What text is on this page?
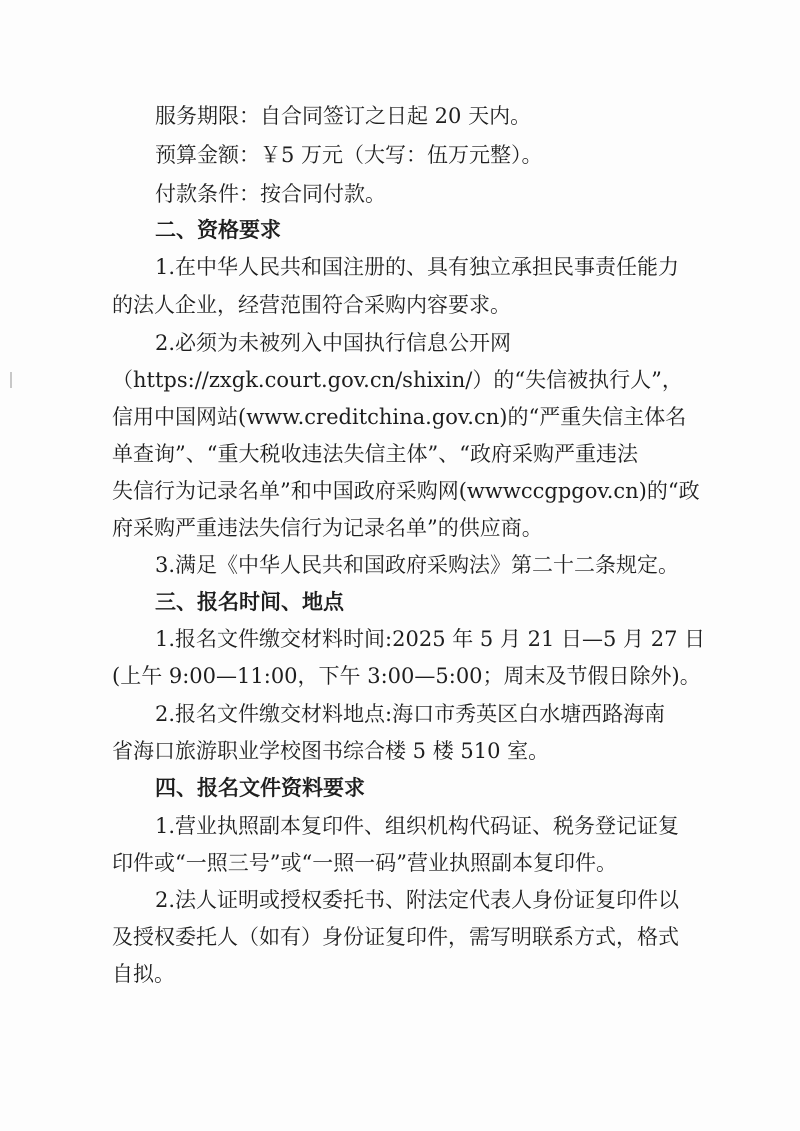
服务期限：自合同签订之日起 20 天内。
预算金额：￥5 万元（大写：伍万元整）。
付款条件：按合同付款。
二、资格要求
1.在中华人民共和国注册的、具有独立承担民事责任能力
的法人企业，经营范围符合采购内容要求。
2.必须为未被列入中国执行信息公开网
（https://zxgk.court.gov.cn/shixin/）的“失信被执行人”，
信用中国网站(www.creditchina.gov.cn)的“严重失信主体名
单查询”、“重大税收违法失信主体”、“政府采购严重违法
失信行为记录名单”和中国政府采购网(wwwccgpgov.cn)的“政
府采购严重违法失信行为记录名单”的供应商。
3.满足《中华人民共和国政府采购法》第二十二条规定。
三、报名时间、地点
1.报名文件缴交材料时间:2025 年 5 月 21 日—5 月 27 日
(上午 9:00—11:00，下午 3:00—5:00；周末及节假日除外)。
2.报名文件缴交材料地点:海口市秀英区白水塘西路海南
省海口旅游职业学校图书综合楼 5 楼 510 室。
四、报名文件资料要求
1.营业执照副本复印件、组织机构代码证、税务登记证复
印件或“一照三号”或“一照一码”营业执照副本复印件。
2.法人证明或授权委托书、附法定代表人身份证复印件以
及授权委托人（如有）身份证复印件，需写明联系方式，格式
自拟。
